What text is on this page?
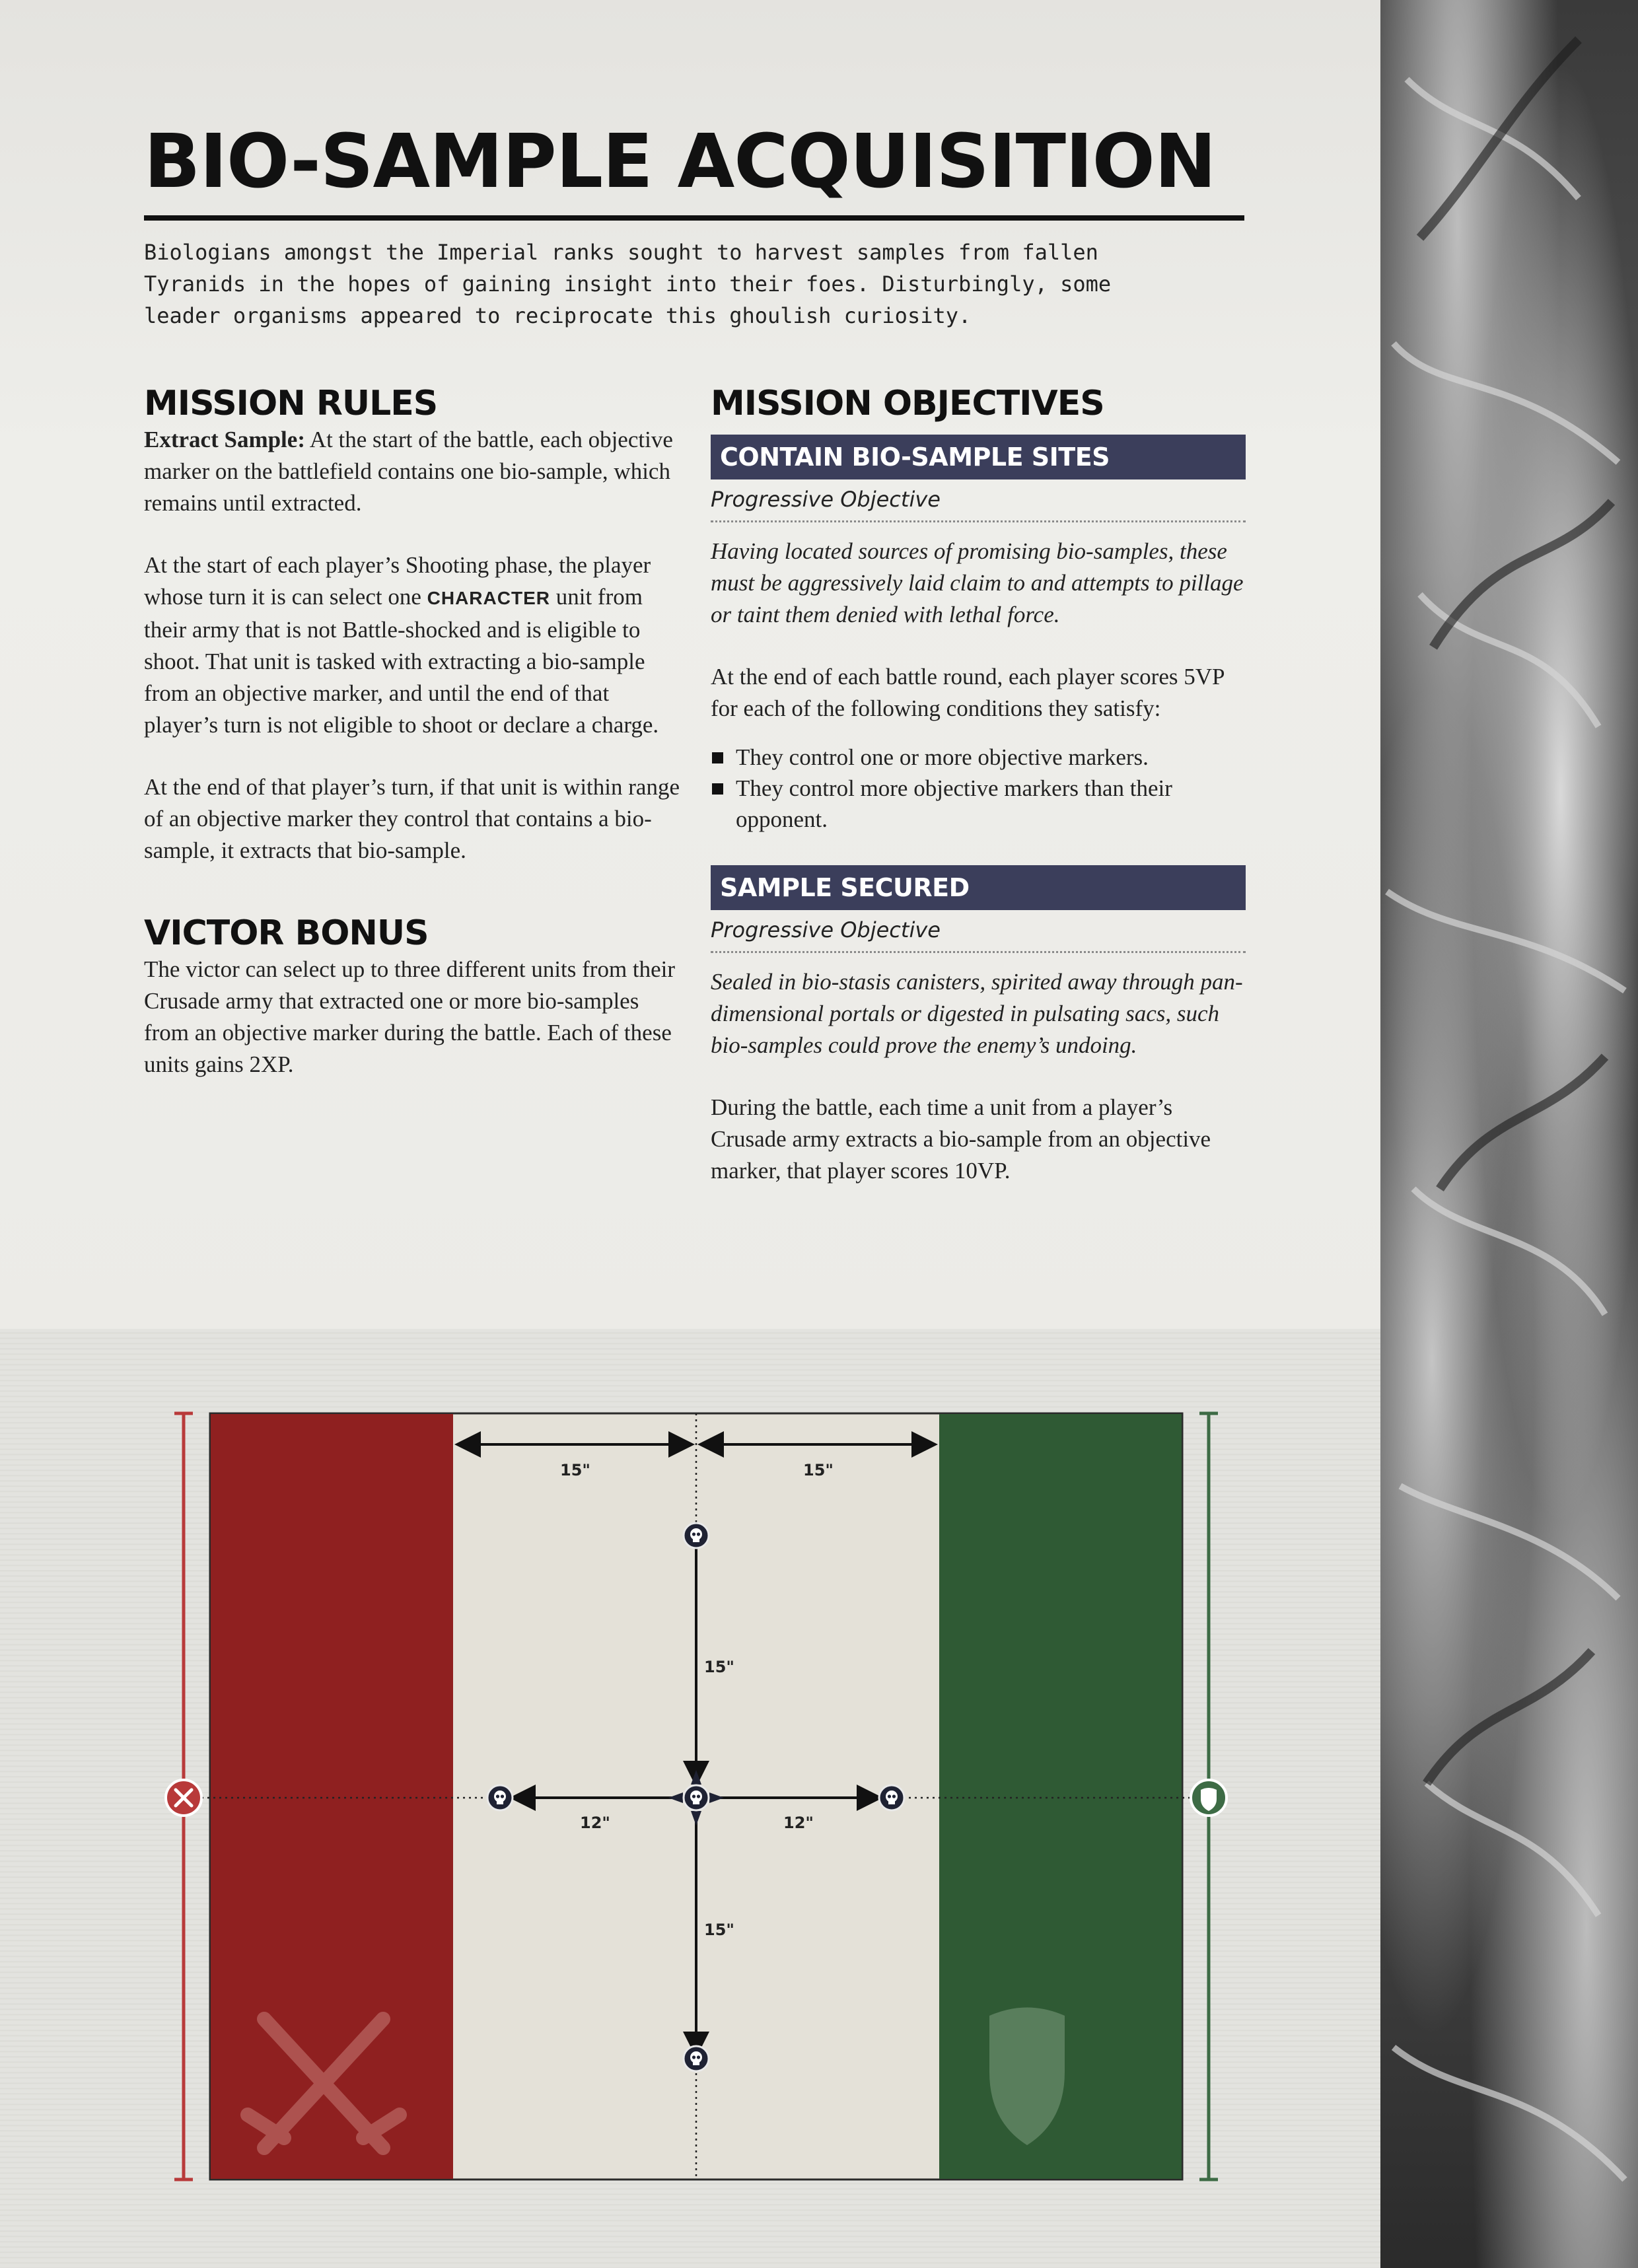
BIO-SAMPLE ACQUISITION

Biologians amongst the Imperial ranks sought to harvest samples from fallen
Tyranids in the hopes of gaining insight into their foes. Disturbingly, some
leader organisms appeared to reciprocate this ghoulish curiosity.

MISSION RULES

Extract Sample: At the start of the battle, each objective marker on the battlefield contains one bio-sample, which remains until extracted.

At the start of each player’s Shooting phase, the player whose turn it is can select one CHARACTER unit from their army that is not Battle-shocked and is eligible to shoot. That unit is tasked with extracting a bio-sample from an objective marker, and until the end of that player’s turn is not eligible to shoot or declare a charge.

At the end of that player’s turn, if that unit is within range of an objective marker they control that contains a bio-sample, it extracts that bio-sample.

VICTOR BONUS

The victor can select up to three different units from their Crusade army that extracted one or more bio-samples from an objective marker during the battle. Each of these units gains 2XP.

MISSION OBJECTIVES
CONTAIN BIO-SAMPLE SITES
Progressive Objective

Having located sources of promising bio-samples, these must be aggressively laid claim to and attempts to pillage or taint them denied with lethal force.

At the end of each battle round, each player scores 5VP for each of the following conditions they satisfy:

They control one or more objective markers.
They control more objective markers than their opponent.
SAMPLE SECURED
Progressive Objective

Sealed in bio-stasis canisters, spirited away through pan-dimensional portals or digested in pulsating sacs, such bio-samples could prove the enemy’s undoing.

During the battle, each time a unit from a player’s Crusade army extracts a bio-sample from an objective marker, that player scores 10VP.

15"	15"
15"
15"
12"	12"
